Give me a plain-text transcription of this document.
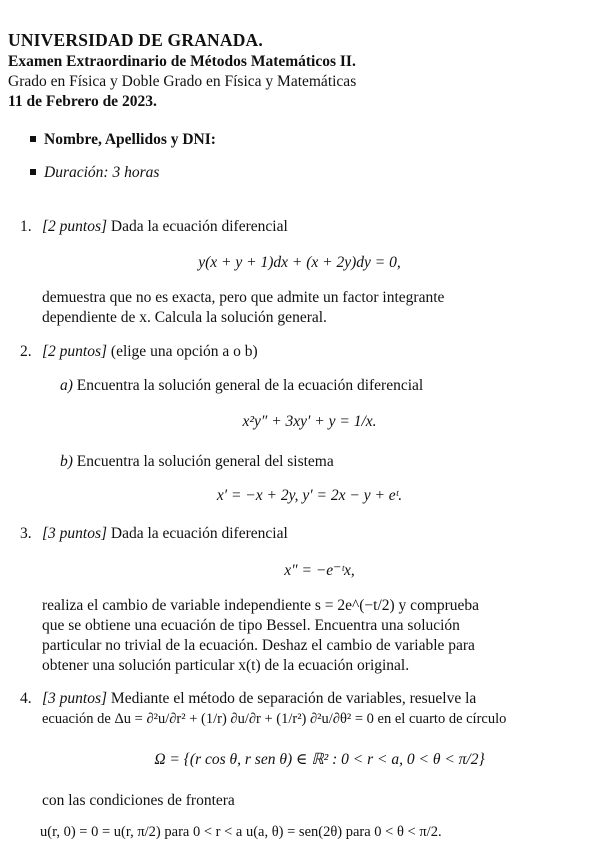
UNIVERSIDAD DE GRANADA.
Examen Extraordinario de Métodos Matemáticos II.
Grado en Física y Doble Grado en Física y Matemáticas
11 de Febrero de 2023.
Nombre, Apellidos y DNI:
Duración: 3 horas
1. [2 puntos] Dada la ecuación diferencial
y(x + y + 1)dx + (x + 2y)dy = 0,
demuestra que no es exacta, pero que admite un factor integrante
dependiente de x. Calcula la solución general.
2. [2 puntos] (elige una opción a o b)
a) Encuentra la solución general de la ecuación diferencial
x²y″ + 3xy′ + y = 1/x.
b) Encuentra la solución general del sistema
x′ = −x + 2y, y′ = 2x − y + eᵗ.
3. [3 puntos] Dada la ecuación diferencial
x″ = −e⁻ᵗx,
realiza el cambio de variable independiente s = 2e^(−t/2) y comprueba
que se obtiene una ecuación de tipo Bessel. Encuentra una solución
particular no trivial de la ecuación. Deshaz el cambio de variable para
obtener una solución particular x(t) de la ecuación original.
4. [3 puntos] Mediante el método de separación de variables, resuelve la
ecuación de Δu = ∂²u/∂r² + (1/r) ∂u/∂r + (1/r²) ∂²u/∂θ² = 0 en el cuarto de círculo
Ω = {(r cos θ, r sen θ) ∈ ℝ² : 0 < r < a, 0 < θ < π/2}
con las condiciones de frontera
u(r, 0) = 0 = u(r, π/2) para 0 < r < a u(a, θ) = sen(2θ) para 0 < θ < π/2.
